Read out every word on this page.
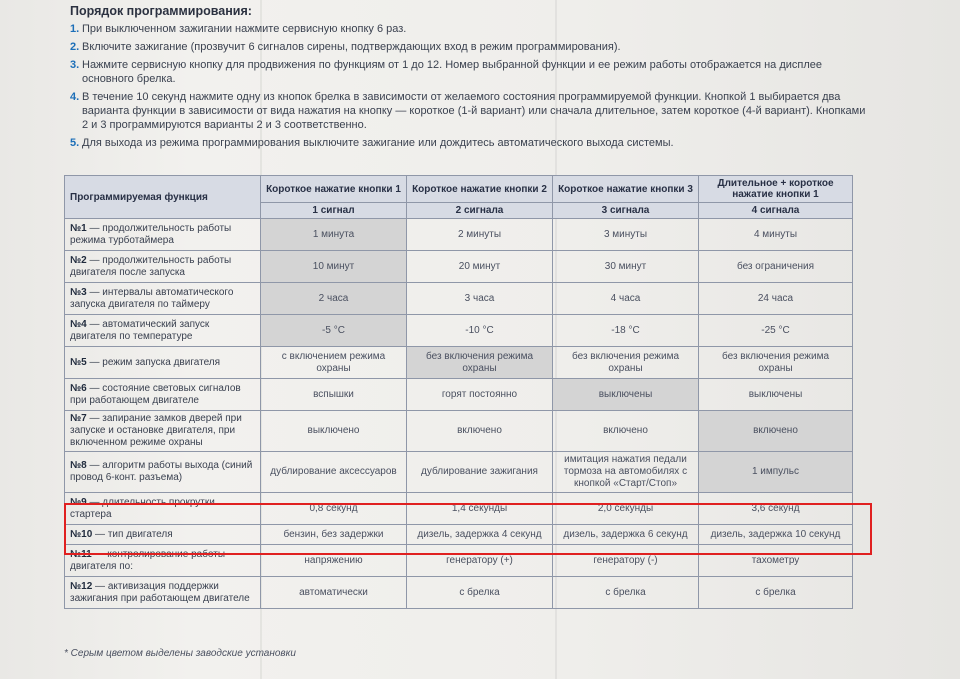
Порядок программирования:
1. При выключенном зажигании нажмите сервисную кнопку 6 раз.
2. Включите зажигание (прозвучит 6 сигналов сирены, подтверждающих вход в режим программирования).
3. Нажмите сервисную кнопку для продвижения по функциям от 1 до 12. Номер выбранной функции и ее режим работы отображается на дисплее основного брелка.
4. В течение 10 секунд нажмите одну из кнопок брелка в зависимости от желаемого состояния программируемой функции. Кнопкой 1 выбирается два варианта функции в зависимости от вида нажатия на кнопку — короткое (1-й вариант) или сначала длительное, затем короткое (4-й вариант). Кнопками 2 и 3 программируются варианты 2 и 3 соответственно.
5. Для выхода из режима программирования выключите зажигание или дождитесь автоматического выхода системы.
Программируемая функция	Короткое нажатие кнопки 1	Короткое нажатие кнопки 2	Короткое нажатие кнопки 3	Длительное + короткое нажатие кнопки 1
	1 сигнал	2 сигнала	3 сигнала	4 сигнала
№1 — продолжительность работы режима турботаймера	1 минута	2 минуты	3 минуты	4 минуты
№2 — продолжительность работы двигателя после запуска	10 минут	20 минут	30 минут	без ограничения
№3 — интервалы автоматического запуска двигателя по таймеру	2 часа	3 часа	4 часа	24 часа
№4 — автоматический запуск двигателя по температуре	-5 °C	-10 °C	-18 °C	-25 °C
№5 — режим запуска двигателя	с включением режима охраны	без включения режима охраны	без включения режима охраны	без включения режима охраны
№6 — состояние световых сигналов при работающем двигателе	вспышки	горят постоянно	выключены	выключены
№7 — запирание замков дверей при запуске и остановке двигателя, при включенном режиме охраны	выключено	включено	включено	включено
№8 — алгоритм работы выхода (синий провод 6-конт. разъема)	дублирование аксессуаров	дублирование зажигания	имитация нажатия педали тормоза на автомобилях с кнопкой «Старт/Стоп»	1 импульс
№9 — длительность прокрутки стартера	0,8 секунд	1,4 секунды	2,0 секунды	3,6 секунд
№10 — тип двигателя	бензин, без задержки	дизель, задержка 4 секунд	дизель, задержка 6 секунд	дизель, задержка 10 секунд
№11 — контролирование работы двигателя по:	напряжению	генератору (+)	генератору (-)	тахометру
№12 — активизация поддержки зажигания при работающем двигателе	автоматически	с брелка	с брелка	с брелка
* Серым цветом выделены заводские установки
